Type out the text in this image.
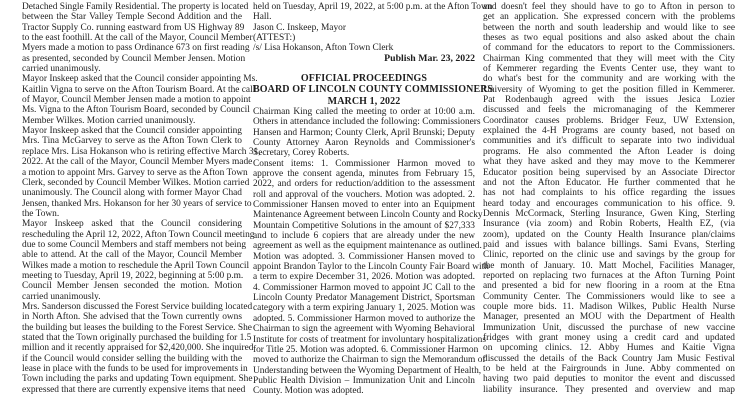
Detached Single Family Residential. The property is located
between the Star Valley Temple Second Addition and the
Tractor Supply Co. running eastward from US Highway 89
to the east foothill. At the call of the Mayor, Council Member
Myers made a motion to pass Ordinance 673 on first reading
as presented, seconded by Council Member Jensen. Motion
carried unanimously.
Mayor Inskeep asked that the Council consider appointing Ms.
Kaitlin Vigna to serve on the Afton Tourism Board. At the call
of Mayor, Council Member Jensen made a motion to appoint
Ms. Vigna to the Afton Tourism Board, seconded by Council
Member Wilkes. Motion carried unanimously.
Mayor Inskeep asked that the Council consider appointing
Mrs. Tina McGarvey to serve as the Afton Town Clerk to
replace Mrs. Lisa Hokanson who is retiring effective March 31,
2022. At the call of the Mayor, Council Member Myers made
a motion to appoint Mrs. Garvey to serve as the Afton Town
Clerk, seconded by Council Member Wilkes. Motion carried
unanimously. The Council along with former Mayor Chad
Jensen, thanked Mrs. Hokanson for her 30 years of service to
the Town.
Mayor Inskeep asked that the Council considering
rescheduling the April 12, 2022, Afton Town Council meeting
due to some Council Members and staff members not being
able to attend. At the call of the Mayor, Council Member
Wilkes made a motion to reschedule the April Town Council
meeting to Tuesday, April 19, 2022, beginning at 5:00 p.m.
Council Member Jensen seconded the motion. Motion
carried unanimously.
Mrs. Sanderson discussed the Forest Service building located
in North Afton. She advised that the Town currently owns
the building but leases the building to the Forest Service. She
stated that the Town originally purchased the building for 1.5
million and it recently appraised for $2,420,000. She inquired
if the Council would consider selling the building with the
lease in place with the funds to be used for improvements in
Town including the parks and updating Town equipment. She
expressed that there are currently expensive items that need
held on Tuesday, April 19, 2022, at 5:00 p.m. at the Afton Town
Hall.
Jason C. Inskeep, Mayor
(ATTEST:)
/s/ Lisa Hokanson, Afton Town Clerk
Publish Mar. 23, 2022
OFFICIAL PROCEEDINGS
BOARD OF LINCOLN COUNTY COMMISSIONERS
MARCH 1, 2022
Chairman King called the meeting to order at 10:00 a.m.
Others in attendance included the following: Commissioners
Hansen and Harmon; County Clerk, April Brunski; Deputy
County Attorney Aaron Reynolds and Commissioner's
Secretary, Corey Roberts.
Consent items: 1. Commissioner Harmon moved to
approve the consent agenda, minutes from February 15,
2022, and orders for reduction/addition to the assessment
roll and approval of the vouchers. Motion was adopted. 2.
Commissioner Hansen moved to enter into an Equipment
Maintenance Agreement between Lincoln County and Rocky
Mountain Competitive Solutions in the amount of $27,333
and to include 6 copiers that are already under the new
agreement as well as the equipment maintenance as outlined.
Motion was adopted. 3. Commissioner Hansen moved to
appoint Brandon Taylor to the Lincoln County Fair Board with
a term to expire December 31, 2026. Motion was adopted.
4. Commissioner Harmon moved to appoint JC Call to the
Lincoln County Predator Management District, Sportsman
category with a term expiring January 1, 2025. Motion was
adopted. 5. Commissioner Harmon moved to authorize the
Chairman to sign the agreement with Wyoming Behavioral
Institute for costs of treatment for involuntary hospitalizations
for Title 25. Motion was adopted. 6. Commissioner Harmon
moved to authorize the Chairman to sign the Memorandum of
Understanding between the Wyoming Department of Health,
Public Health Division – Immunization Unit and Lincoln
County. Motion was adopted.
and doesn't feel they should have to go to Afton in person to
get an application. She expressed concern with the problems
between the north and south leadership and would like to see
theses as two equal positions and also asked about the chain
of command for the educators to report to the Commissioners.
Chairman King commented that they will meet with the City
of Kemmerer regarding the Events Center use, they want to
do what's best for the community and are working with the
University of Wyoming to get the position filled in Kemmerer.
Pat Rodenbaugh agreed with the issues Jesica Lozier
discussed and feels the micromanaging of the Kemmerer
Coordinator causes problems. Bridger Feuz, UW Extension,
explained the 4-H Programs are county based, not based on
communities and it's difficult to separate into two individual
programs. He also commented the Afton Leader is doing
what they have asked and they may move to the Kemmerer
Educator position being supervised by an Associate Director
and not the Afton Educator. He further commented that he
has not had complaints to his office regarding the issues
heard today and encourages communication to his office. 9.
Dennis McCormack, Sterling Insurance, Gwen King, Sterling
Insurance (via zoom) and Robin Roberts, Health EZ, (via
zoom), updated on the County Health Insurance plan/claims
paid and issues with balance billings. Sami Evans, Sterling
Clinic, reported on the clinic use and savings by the group for
the month of January. 10. Matt Mochel, Facilities Manager,
reported on replacing two furnaces at the Afton Turning Point
and presented a bid for new flooring in a room at the Etna
Community Center. The Commissioners would like to see a
couple more bids. 11. Madison Wilkes, Public Health Nurse
Manager, presented an MOU with the Department of Health
Immunization Unit, discussed the purchase of new vaccine
fridges with grant money using a credit card and updated
on upcoming clinics. 12. Abby Humes and Kaitie Vigna
discussed the details of the Back Country Jam Music Festival
to be held at the Fairgrounds in June. Abby commented on
having two paid deputies to monitor the event and discussed
liability insurance. They presented and overview and map
